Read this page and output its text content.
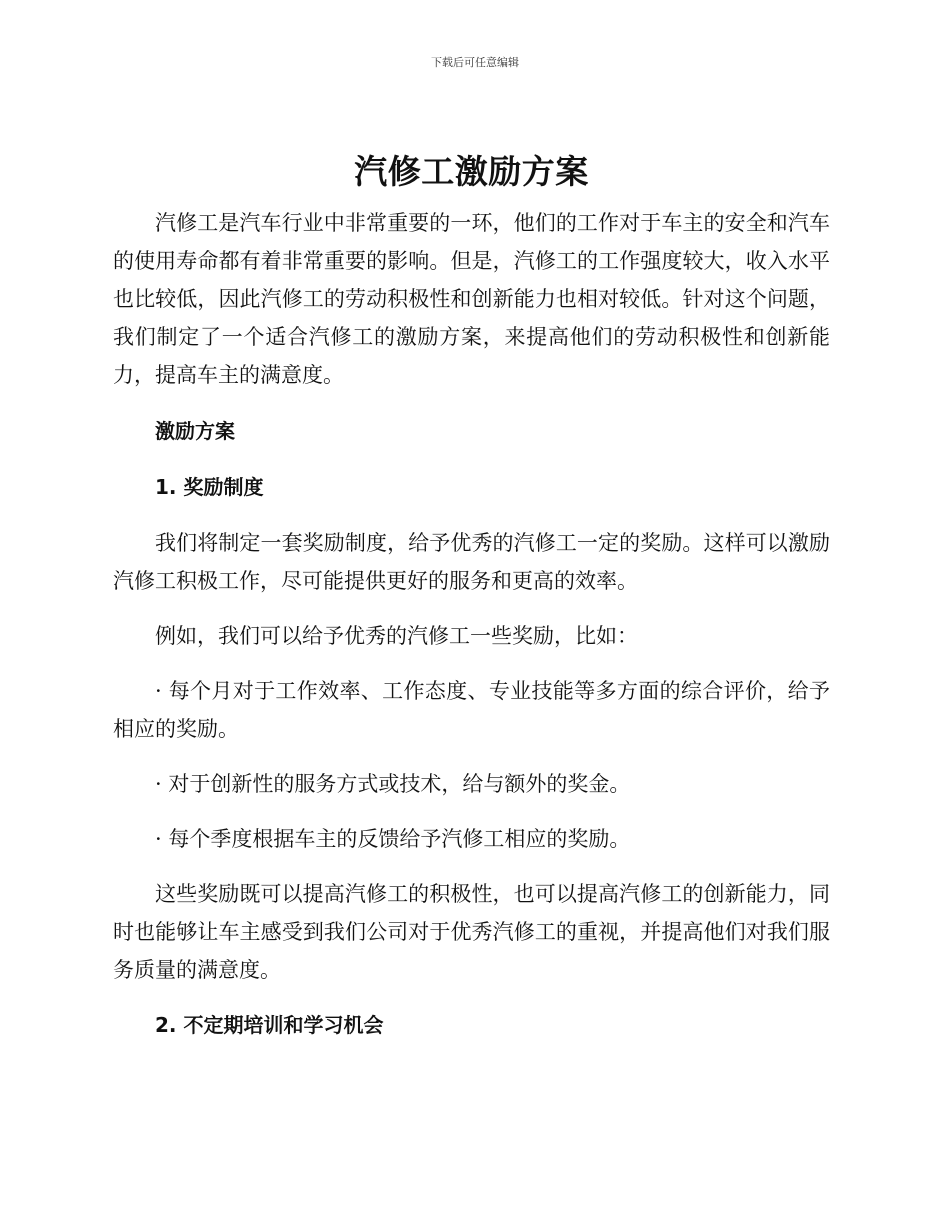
下载后可任意编辑
汽修工激励方案

汽修工是汽车行业中非常重要的一环，他们的工作对于车主的安全和汽车的使用寿命都有着非常重要的影响。但是，汽修工的工作强度较大，收入水平也比较低，因此汽修工的劳动积极性和创新能力也相对较低。针对这个问题，我们制定了一个适合汽修工的激励方案，来提高他们的劳动积极性和创新能力，提高车主的满意度。

激励方案

1. 奖励制度

我们将制定一套奖励制度，给予优秀的汽修工一定的奖励。这样可以激励汽修工积极工作，尽可能提供更好的服务和更高的效率。

例如，我们可以给予优秀的汽修工一些奖励，比如：

· 每个月对于工作效率、工作态度、专业技能等多方面的综合评价，给予相应的奖励。

· 对于创新性的服务方式或技术，给与额外的奖金。

· 每个季度根据车主的反馈给予汽修工相应的奖励。

这些奖励既可以提高汽修工的积极性，也可以提高汽修工的创新能力，同时也能够让车主感受到我们公司对于优秀汽修工的重视，并提高他们对我们服务质量的满意度。

2. 不定期培训和学习机会
